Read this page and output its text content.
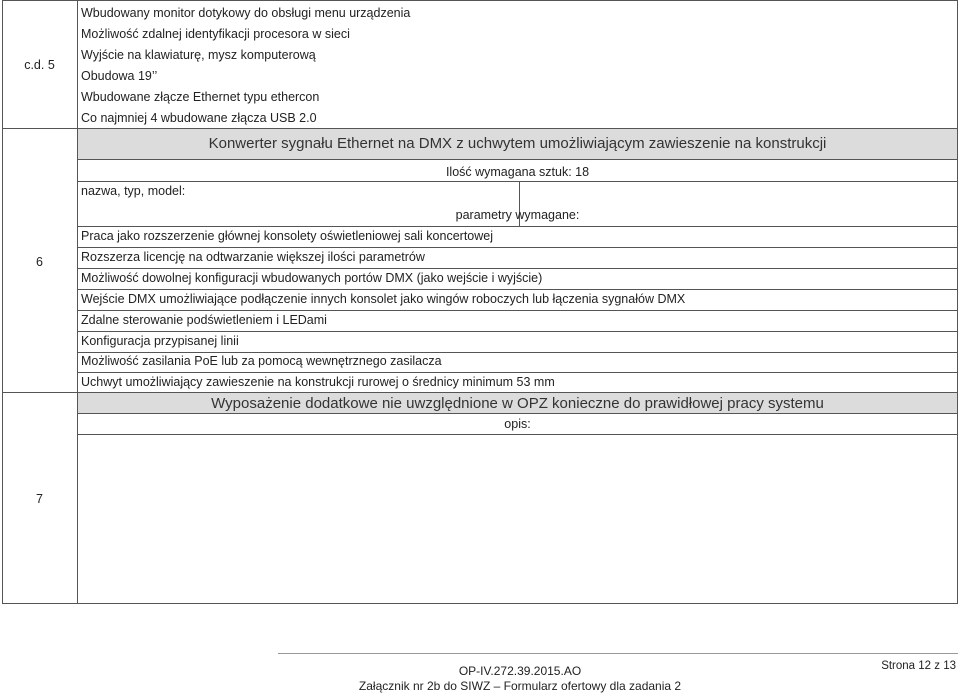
c.d. 5
Wbudowany monitor dotykowy do obsługi menu urządzenia
Możliwość zdalnej identyfikacji procesora w sieci
Wyjście na klawiaturę, mysz komputerową
Obudowa 19’’
Wbudowane złącze Ethernet typu ethercon
Co najmniej 4 wbudowane złącza USB 2.0
6
Konwerter sygnału Ethernet na DMX z uchwytem umożliwiającym zawieszenie na konstrukcji
nazwa, typ, model:
Ilość wymagana sztuk: 18
parametry wymagane:
Praca jako rozszerzenie głównej konsolety oświetleniowej sali koncertowej
Rozszerza licencję na odtwarzanie większej ilości parametrów
Możliwość dowolnej konfiguracji wbudowanych portów DMX (jako wejście i wyjście)
Wejście DMX umożliwiające podłączenie innych konsolet jako wingów roboczych lub łączenia sygnałów DMX
Zdalne sterowanie podświetleniem i LEDami
Konfiguracja przypisanej linii
Możliwość zasilania PoE lub za pomocą wewnętrznego zasilacza
Uchwyt umożliwiający zawieszenie na konstrukcji rurowej o średnicy minimum 53 mm
7
Wyposażenie dodatkowe nie uwzględnione w OPZ konieczne do prawidłowej pracy systemu
opis:
OP-IV.272.39.2015.AO
Załącznik nr 2b do SIWZ – Formularz ofertowy dla zadania 2
Strona 12 z 13
